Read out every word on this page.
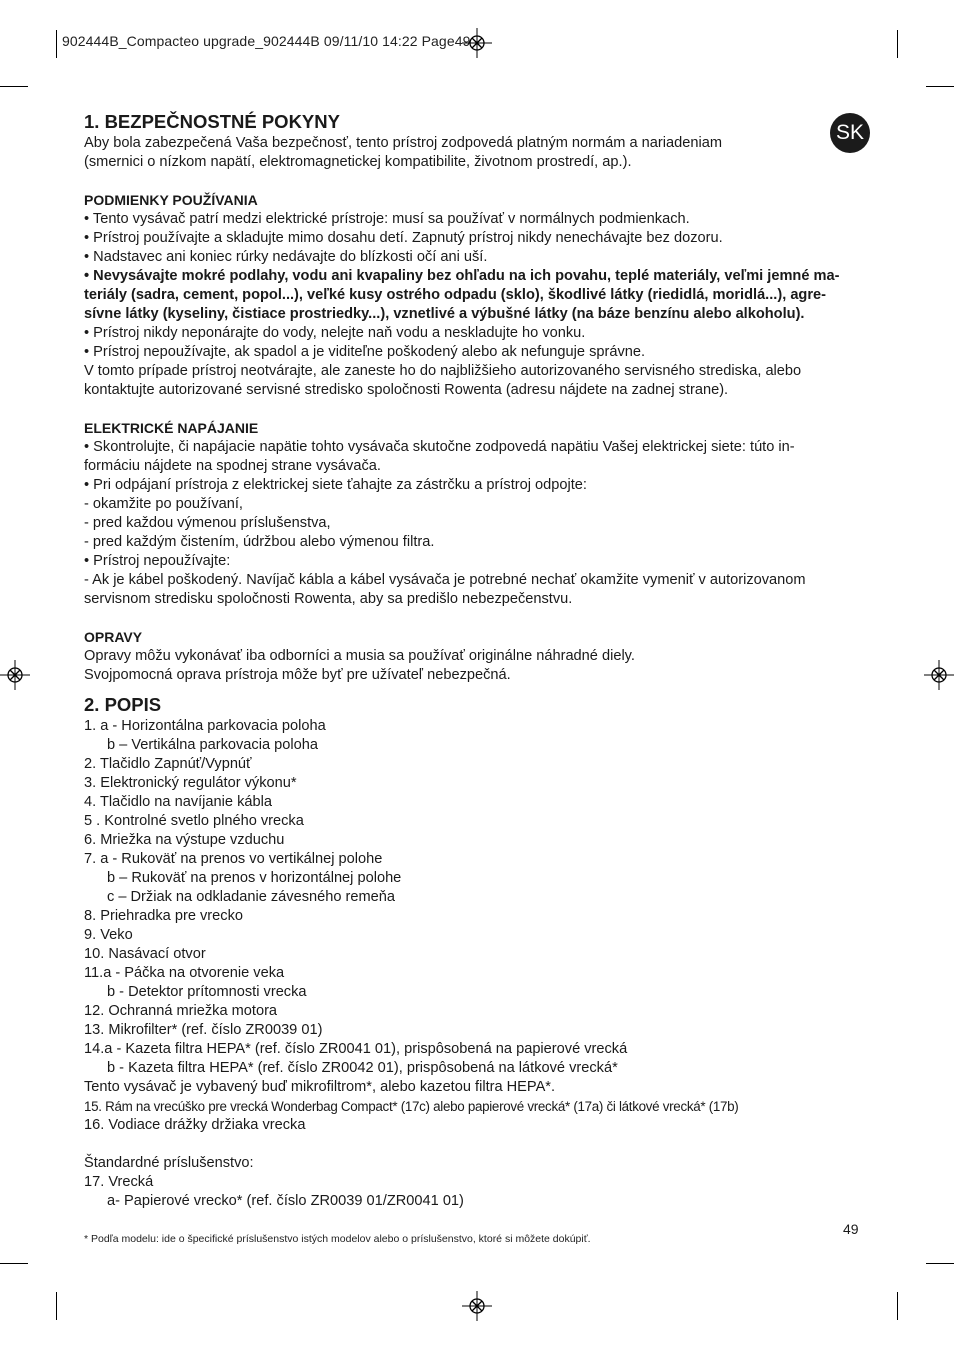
902444B_Compacteo upgrade_902444B 09/11/10 14:22 Page49
SK
1. BEZPEČNOSTNÉ POKYNY
Aby bola zabezpečená Vaša bezpečnosť, tento prístroj zodpovedá platným normám a nariadeniam
(smernici o nízkom napätí, elektromagnetickej kompatibilite, životnom prostredí, ap.).
PODMIENKY POUŽÍVANIA
• Tento vysávač patrí medzi elektrické prístroje: musí sa používať v normálnych podmienkach.
• Prístroj používajte a skladujte mimo dosahu detí. Zapnutý prístroj nikdy nenechávajte bez dozoru.
• Nadstavec ani koniec rúrky nedávajte do blízkosti očí ani uší.
• Nevysávajte mokré podlahy, vodu ani kvapaliny bez ohľadu na ich povahu, teplé materiály, veľmi jemné ma-
teriály (sadra, cement, popol...), veľké kusy ostrého odpadu (sklo), škodlivé látky (riedidlá, moridlá...), agre-
sívne látky (kyseliny, čistiace prostriedky...), vznetlivé a výbušné látky (na báze benzínu alebo alkoholu).
• Prístroj nikdy neponárajte do vody, nelejte naň vodu a neskladujte ho vonku.
• Prístroj nepoužívajte, ak spadol a je viditeľne poškodený alebo ak nefunguje správne.
V tomto prípade prístroj neotvárajte, ale zaneste ho do najbližšieho autorizovaného servisného strediska, alebo
kontaktujte autorizované servisné stredisko spoločnosti Rowenta (adresu nájdete na zadnej strane).
ELEKTRICKÉ NAPÁJANIE
• Skontrolujte, či napájacie napätie tohto vysávača skutočne zodpovedá napätiu Vašej elektrickej siete: túto in-
formáciu nájdete na spodnej strane vysávača.
• Pri odpájaní prístroja z elektrickej siete ťahajte za zástrčku a prístroj odpojte:
- okamžite po používaní,
- pred každou výmenou príslušenstva,
- pred každým čistením, údržbou alebo výmenou filtra.
• Prístroj nepoužívajte:
- Ak je kábel poškodený. Navíjač kábla a kábel vysávača je potrebné nechať okamžite vymeniť v autorizovanom
servisnom stredisku spoločnosti Rowenta, aby sa predišlo nebezpečenstvu.
OPRAVY
Opravy môžu vykonávať iba odborníci a musia sa používať originálne náhradné diely.
Svojpomocná oprava prístroja môže byť pre užívateľ nebezpečná.
2. POPIS
1. a - Horizontálna parkovacia poloha
b – Vertikálna parkovacia poloha
2. Tlačidlo Zapnúť/Vypnúť
3. Elektronický regulátor výkonu*
4. Tlačidlo na navíjanie kábla
5 . Kontrolné svetlo plného vrecka
6. Mriežka na výstupe vzduchu
7. a - Rukoväť na prenos vo vertikálnej polohe
b – Rukoväť na prenos v horizontálnej polohe
c – Držiak na odkladanie závesného remeňa
8. Priehradka pre vrecko
9. Veko
10. Nasávací otvor
11.a - Páčka na otvorenie veka
b - Detektor prítomnosti vrecka
12. Ochranná mriežka motora
13. Mikrofilter* (ref. číslo ZR0039 01)
14.a - Kazeta filtra HEPA* (ref. číslo ZR0041 01), prispôsobená na papierové vrecká
b - Kazeta filtra HEPA* (ref. číslo ZR0042 01), prispôsobená na látkové vrecká*
Tento vysávač je vybavený buď mikrofiltrom*, alebo kazetou filtra HEPA*.
15. Rám na vrecúško pre vrecká Wonderbag Compact* (17c) alebo papierové vrecká* (17a) či látkové vrecká* (17b)
16. Vodiace drážky držiaka vrecka
Štandardné príslušenstvo:
17. Vrecká
a- Papierové vrecko* (ref. číslo ZR0039 01/ZR0041 01)
49
* Podľa modelu: ide o špecifické príslušenstvo istých modelov alebo o príslušenstvo, ktoré si môžete dokúpiť.
